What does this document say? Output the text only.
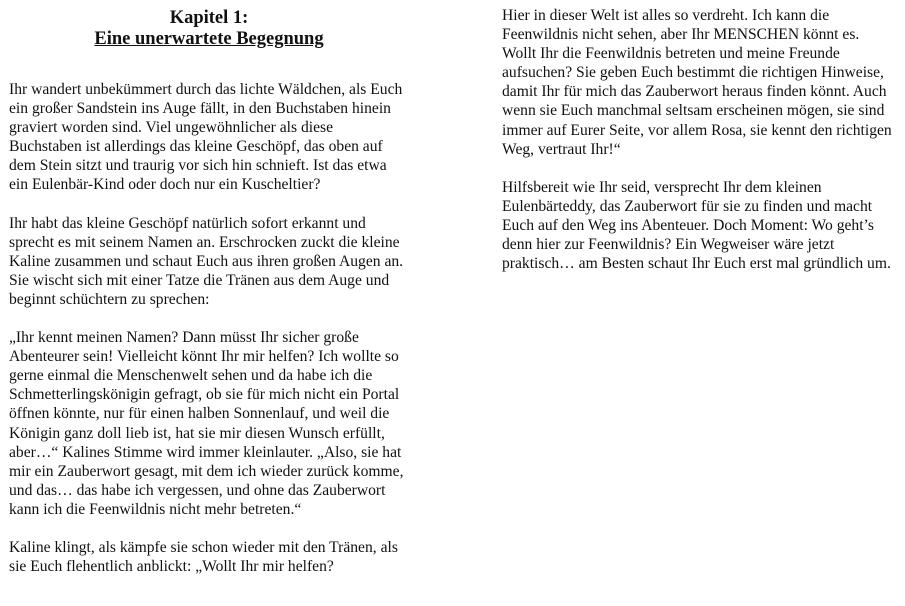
Kapitel 1:
Eine unerwartete Begegnung

Ihr wandert unbekümmert durch das lichte Wäldchen, als Euch ein großer Sandstein ins Auge fällt, in den Buchstaben hinein graviert worden sind. Viel ungewöhnlicher als diese Buchstaben ist allerdings das kleine Geschöpf, das oben auf dem Stein sitzt und traurig vor sich hin schnieft. Ist das etwa ein Eulenbär-Kind oder doch nur ein Kuscheltier?

Ihr habt das kleine Geschöpf natürlich sofort erkannt und sprecht es mit seinem Namen an. Erschrocken zuckt die kleine Kaline zusammen und schaut Euch aus ihren großen Augen an. Sie wischt sich mit einer Tatze die Tränen aus dem Auge und beginnt schüchtern zu sprechen:

„Ihr kennt meinen Namen? Dann müsst Ihr sicher große Abenteurer sein! Vielleicht könnt Ihr mir helfen? Ich wollte so gerne einmal die Menschenwelt sehen und da habe ich die Schmetterlingskönigin gefragt, ob sie für mich nicht ein Portal öffnen könnte, nur für einen halben Sonnenlauf, und weil die Königin ganz doll lieb ist, hat sie mir diesen Wunsch erfüllt, aber…“ Kalines Stimme wird immer kleinlauter. „Also, sie hat mir ein Zauberwort gesagt, mit dem ich wieder zurück komme, und das… das habe ich vergessen, und ohne das Zauberwort kann ich die Feenwildnis nicht mehr betreten.“

Kaline klingt, als kämpfe sie schon wieder mit den Tränen, als sie Euch flehentlich anblickt: „Wollt Ihr mir helfen?

Hier in dieser Welt ist alles so verdreht. Ich kann die Feenwildnis nicht sehen, aber Ihr MENSCHEN könnt es. Wollt Ihr die Feenwildnis betreten und meine Freunde aufsuchen? Sie geben Euch bestimmt die richtigen Hinweise, damit Ihr für mich das Zauberwort heraus finden könnt. Auch wenn sie Euch manchmal seltsam erscheinen mögen, sie sind immer auf Eurer Seite, vor allem Rosa, sie kennt den richtigen Weg, vertraut Ihr!“

Hilfsbereit wie Ihr seid, versprecht Ihr dem kleinen Eulenbärteddy, das Zauberwort für sie zu finden und macht Euch auf den Weg ins Abenteuer. Doch Moment: Wo geht’s denn hier zur Feenwildnis? Ein Wegweiser wäre jetzt praktisch… am Besten schaut Ihr Euch erst mal gründlich um.
